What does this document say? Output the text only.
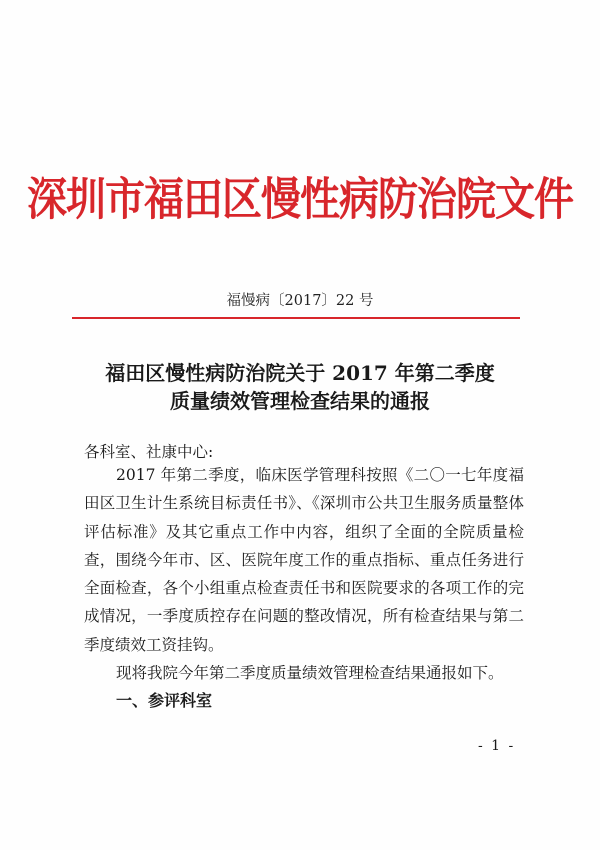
深圳市福田区慢性病防治院文件
福慢病〔2017〕22 号
福田区慢性病防治院关于 2017 年第二季度
质量绩效管理检查结果的通报
各科室、社康中心:

2017 年第二季度，临床医学管理科按照《二〇一七年度福田区卫生计生系统目标责任书》、《深圳市公共卫生服务质量整体评估标准》及其它重点工作中内容，组织了全面的全院质量检查，围绕今年市、区、医院年度工作的重点指标、重点任务进行全面检查，各个小组重点检查责任书和医院要求的各项工作的完成情况，一季度质控存在问题的整改情况，所有检查结果与第二季度绩效工资挂钩。

现将我院今年第二季度质量绩效管理检查结果通报如下。

一、参评科室
- 1 -
